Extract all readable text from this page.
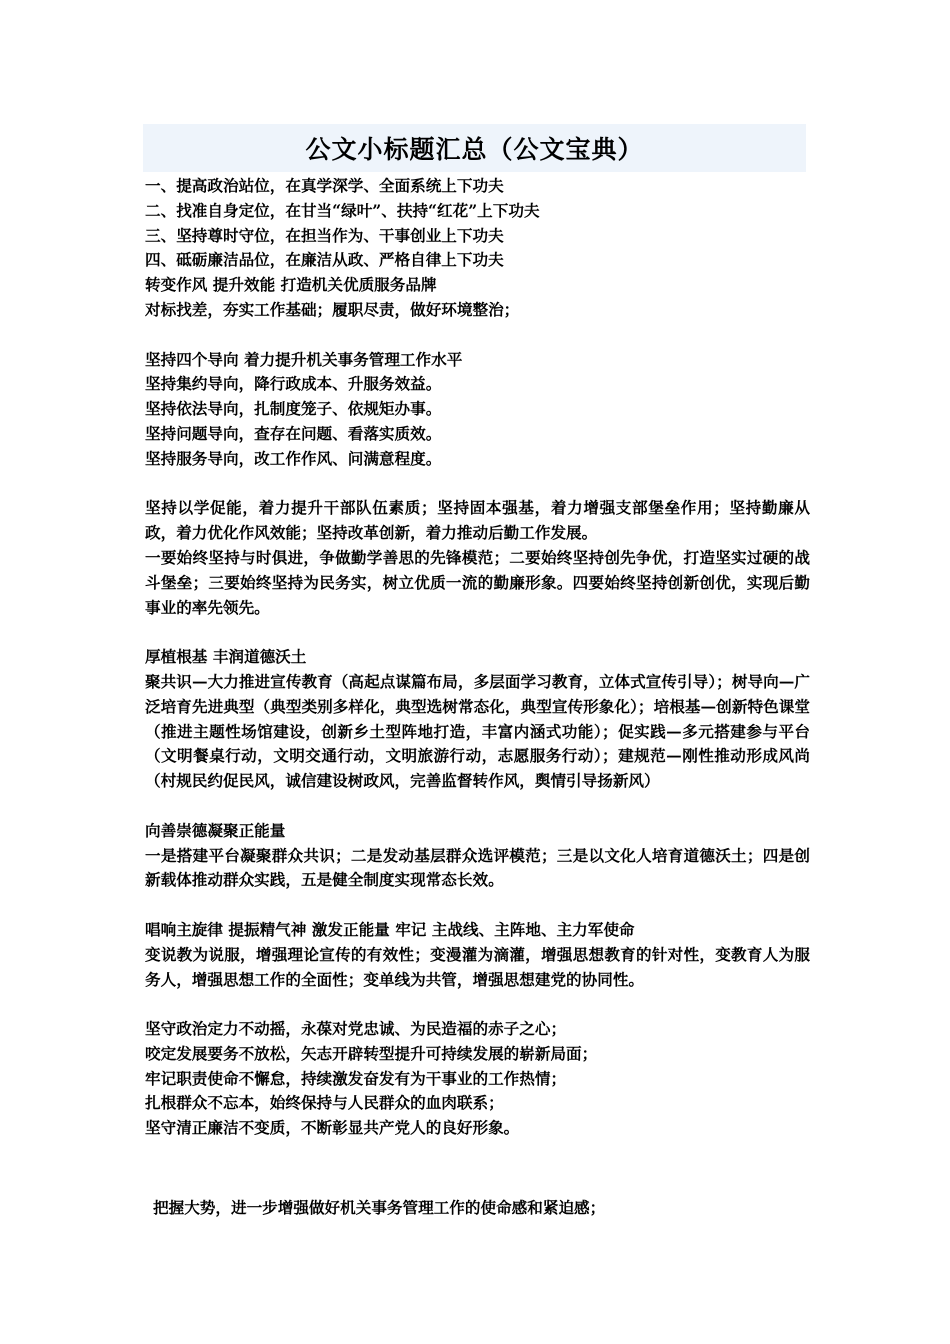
公文小标题汇总（公文宝典）
一、提高政治站位，在真学深学、全面系统上下功夫
二、找准自身定位，在甘当“绿叶”、扶持“红花”上下功夫
三、坚持尊时守位，在担当作为、干事创业上下功夫
四、砥砺廉洁品位，在廉洁从政、严格自律上下功夫
转变作风 提升效能 打造机关优质服务品牌
对标找差，夯实工作基础；履职尽责，做好环境整治；
坚持四个导向 着力提升机关事务管理工作水平
坚持集约导向，降行政成本、升服务效益。
坚持依法导向，扎制度笼子、依规矩办事。
坚持问题导向，查存在问题、看落实质效。
坚持服务导向，改工作作风、问满意程度。
坚持以学促能，着力提升干部队伍素质；坚持固本强基，着力增强支部堡垒作用；坚持勤廉从政，着力优化作风效能；坚持改革创新，着力推动后勤工作发展。
一要始终坚持与时俱进，争做勤学善思的先锋模范；二要始终坚持创先争优，打造坚实过硬的战斗堡垒；三要始终坚持为民务实，树立优质一流的勤廉形象。四要始终坚持创新创优，实现后勤事业的率先领先。
厚植根基 丰润道德沃土
聚共识—大力推进宣传教育（高起点谋篇布局，多层面学习教育，立体式宣传引导）；树导向—广泛培育先进典型（典型类别多样化，典型选树常态化，典型宣传形象化）；培根基—创新特色课堂（推进主题性场馆建设，创新乡土型阵地打造，丰富内涵式功能）；促实践—多元搭建参与平台（文明餐桌行动，文明交通行动，文明旅游行动，志愿服务行动）；建规范—刚性推动形成风尚（村规民约促民风，诚信建设树政风，完善监督转作风，舆情引导扬新风）
向善崇德凝聚正能量
一是搭建平台凝聚群众共识；二是发动基层群众选评模范；三是以文化人培育道德沃土；四是创新载体推动群众实践，五是健全制度实现常态长效。
唱响主旋律 提振精气神 激发正能量 牢记 主战线、主阵地、主力军使命
变说教为说服，增强理论宣传的有效性；变漫灌为滴灌，增强思想教育的针对性，变教育人为服务人，增强思想工作的全面性；变单线为共管，增强思想建党的协同性。
坚守政治定力不动摇，永葆对党忠诚、为民造福的赤子之心；
咬定发展要务不放松，矢志开辟转型提升可持续发展的崭新局面；
牢记职责使命不懈怠，持续激发奋发有为干事业的工作热情；
扎根群众不忘本，始终保持与人民群众的血肉联系；
坚守清正廉洁不变质，不断彰显共产党人的良好形象。
把握大势，进一步增强做好机关事务管理工作的使命感和紧迫感；
